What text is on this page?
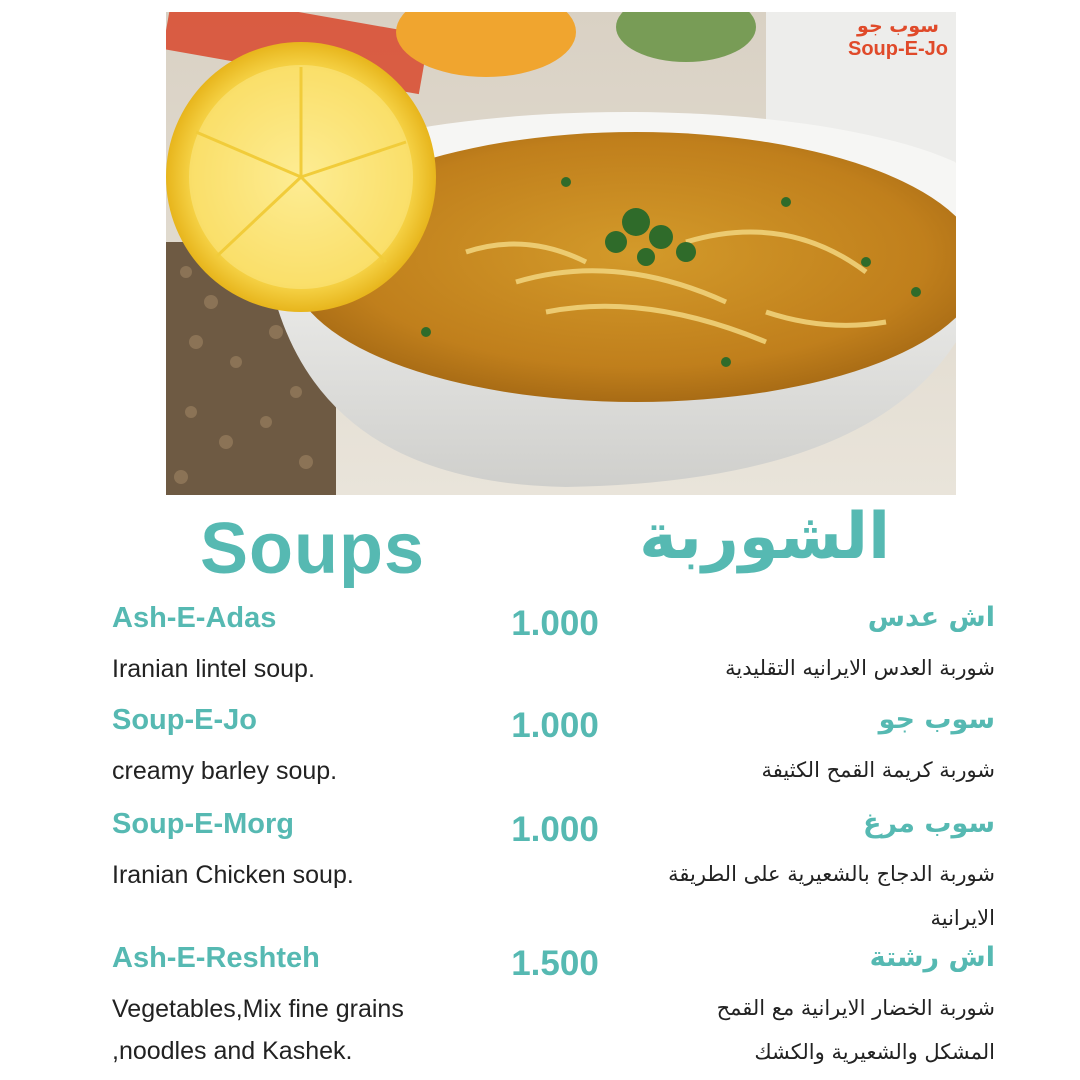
سوب جو
Soup-E-Jo
Soups	الشوربة
Ash-E-Adas
Iranian lintel soup.
1.000	اش عدس
شوربة العدس الايرانيه التقليدية
Soup-E-Jo
creamy barley soup.
1.000	سوب جو
شوربة كريمة القمح الكثيفة
Soup-E-Morg
Iranian Chicken soup.
1.000	سوب مرغ
شوربة الدجاج بالشعيرية على الطريقة الايرانية
Ash-E-Reshteh
Vegetables,Mix fine grains ,noodles and Kashek.
1.500	اش رشتة
شوربة الخضار الايرانية مع القمح المشكل والشعيرية والكشك
